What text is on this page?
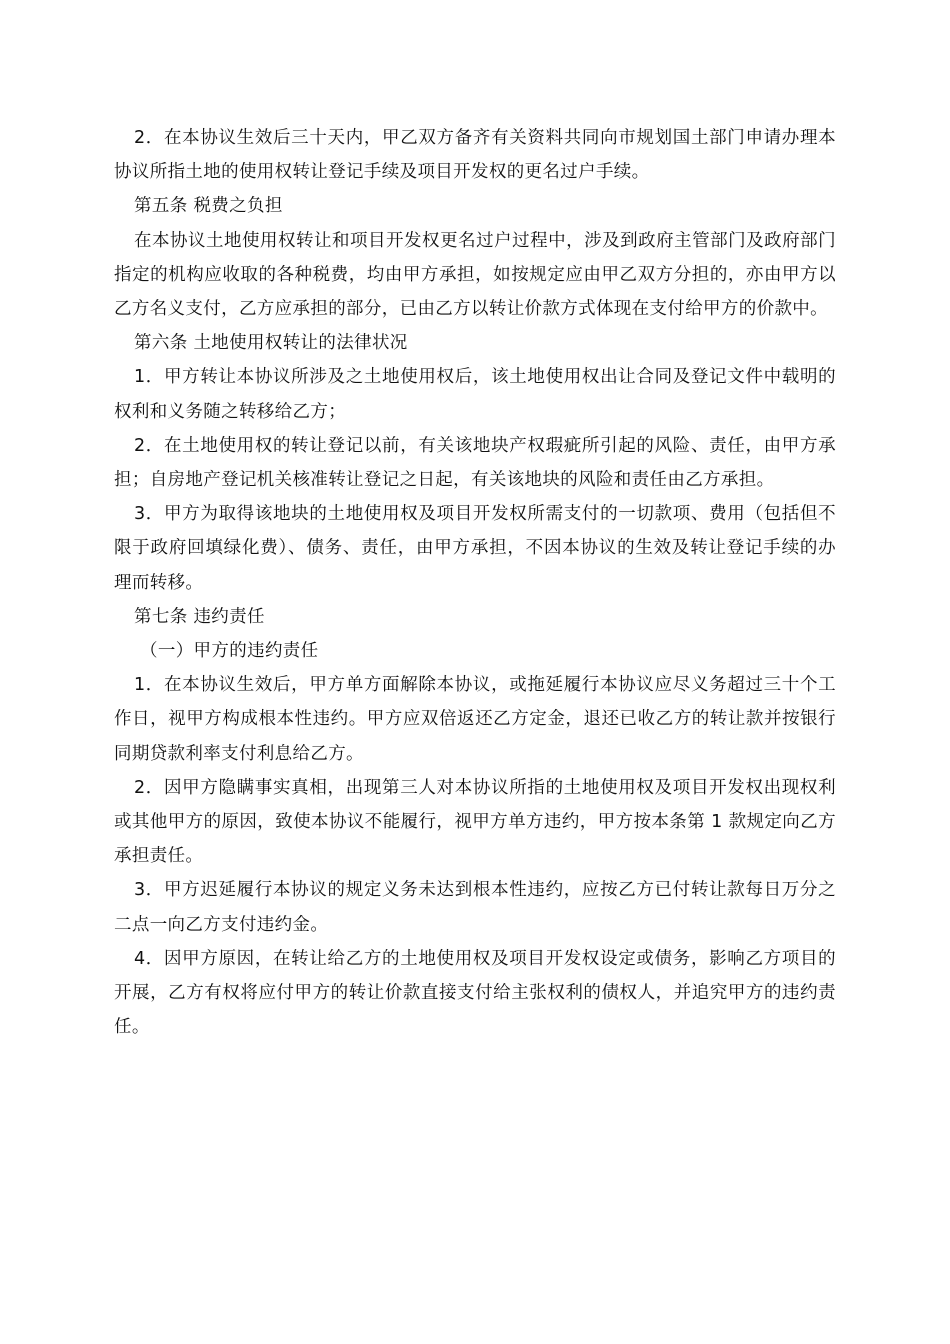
2．在本协议生效后三十天内，甲乙双方备齐有关资料共同向市规划国土部门申请办理本协议所指土地的使用权转让登记手续及项目开发权的更名过户手续。

第五条 税费之负担

在本协议土地使用权转让和项目开发权更名过户过程中，涉及到政府主管部门及政府部门指定的机构应收取的各种税费，均由甲方承担，如按规定应由甲乙双方分担的，亦由甲方以乙方名义支付，乙方应承担的部分，已由乙方以转让价款方式体现在支付给甲方的价款中。

第六条 土地使用权转让的法律状况

1．甲方转让本协议所涉及之土地使用权后，该土地使用权出让合同及登记文件中载明的权利和义务随之转移给乙方；

2．在土地使用权的转让登记以前，有关该地块产权瑕疵所引起的风险、责任，由甲方承担；自房地产登记机关核准转让登记之日起，有关该地块的风险和责任由乙方承担。

3．甲方为取得该地块的土地使用权及项目开发权所需支付的一切款项、费用（包括但不限于政府回填绿化费）、债务、责任，由甲方承担，不因本协议的生效及转让登记手续的办理而转移。

第七条 违约责任

（一）甲方的违约责任

1．在本协议生效后，甲方单方面解除本协议，或拖延履行本协议应尽义务超过三十个工作日，视甲方构成根本性违约。甲方应双倍返还乙方定金，退还已收乙方的转让款并按银行同期贷款利率支付利息给乙方。

2．因甲方隐瞒事实真相，出现第三人对本协议所指的土地使用权及项目开发权出现权利或其他甲方的原因，致使本协议不能履行，视甲方单方违约，甲方按本条第 1 款规定向乙方承担责任。

3．甲方迟延履行本协议的规定义务未达到根本性违约，应按乙方已付转让款每日万分之二点一向乙方支付违约金。

4．因甲方原因，在转让给乙方的土地使用权及项目开发权设定或债务，影响乙方项目的开展，乙方有权将应付甲方的转让价款直接支付给主张权利的债权人，并追究甲方的违约责任。
